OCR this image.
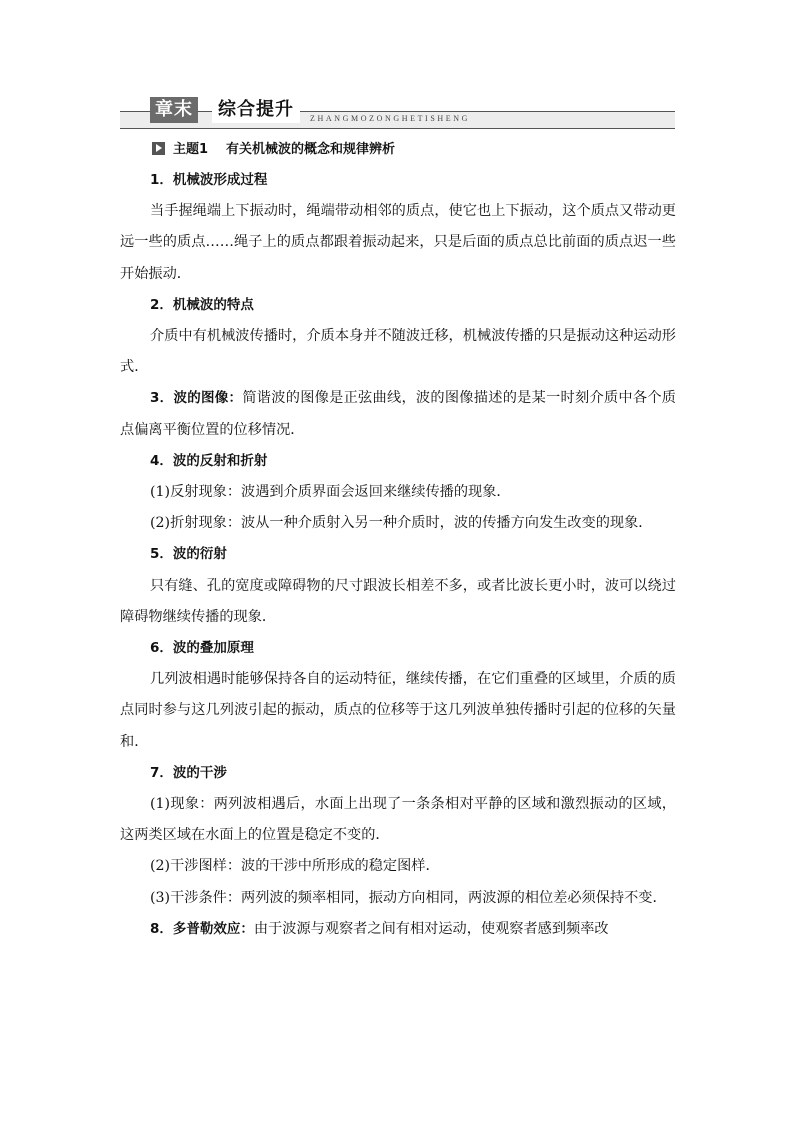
章末	综合提升	ZHANGMOZONGHETISHENG
主题1 有关机械波的概念和规律辨析
1．机械波形成过程
当手握绳端上下振动时，绳端带动相邻的质点，使它也上下振动，这个质点又带动更远一些的质点……绳子上的质点都跟着振动起来，只是后面的质点总比前面的质点迟一些开始振动．
2．机械波的特点
介质中有机械波传播时，介质本身并不随波迁移，机械波传播的只是振动这种运动形式．
3．波的图像：简谐波的图像是正弦曲线，波的图像描述的是某一时刻介质中各个质点偏离平衡位置的位移情况．
4．波的反射和折射
(1)反射现象：波遇到介质界面会返回来继续传播的现象．
(2)折射现象：波从一种介质射入另一种介质时，波的传播方向发生改变的现象．
5．波的衍射
只有缝、孔的宽度或障碍物的尺寸跟波长相差不多，或者比波长更小时，波可以绕过障碍物继续传播的现象．
6．波的叠加原理
几列波相遇时能够保持各自的运动特征，继续传播，在它们重叠的区域里，介质的质点同时参与这几列波引起的振动，质点的位移等于这几列波单独传播时引起的位移的矢量和．
7．波的干涉
(1)现象：两列波相遇后，水面上出现了一条条相对平静的区域和激烈振动的区域，这两类区域在水面上的位置是稳定不变的．
(2)干涉图样：波的干涉中所形成的稳定图样．
(3)干涉条件：两列波的频率相同，振动方向相同，两波源的相位差必须保持不变．
8．多普勒效应：由于波源与观察者之间有相对运动，使观察者感到频率改
